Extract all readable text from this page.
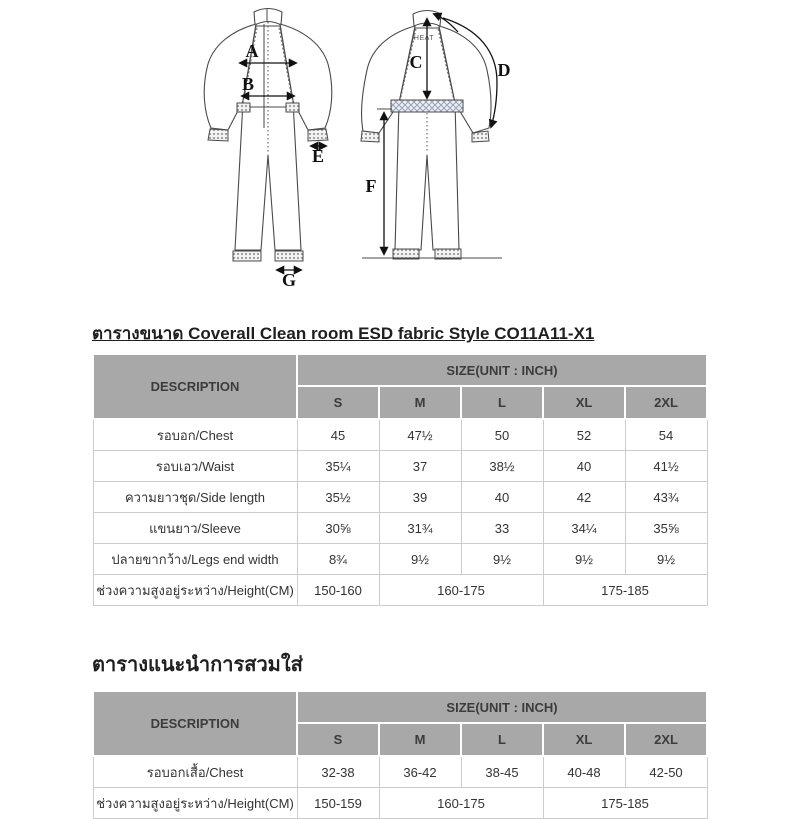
A
B
E
G
HEAT
C	D
F
ตารางขนาด Coverall Clean room ESD fabric Style CO11A11-X1
DESCRIPTION	SIZE(UNIT : INCH)				
	S	M	L	XL	2XL
รอบอก/Chest	45	47½	50	52	54
รอบเอว/Waist	35¼	37	38½	40	41½
ความยาวชุด/Side length	35½	39	40	42	43¾
แขนยาว/Sleeve	30⅝	31¾	33	34¼	35⅝
ปลายขากว้าง/Legs end width	8¾	9½	9½	9½	9½
ช่วงความสูงอยู่ระหว่าง/Height(CM)	150-160	160-175		175-185	
ตารางแนะนำการสวมใส่
DESCRIPTION	SIZE(UNIT : INCH)				
	S	M	L	XL	2XL
รอบอกเสื้อ/Chest	32-38	36-42	38-45	40-48	42-50
ช่วงความสูงอยู่ระหว่าง/Height(CM)	150-159	160-175		175-185	
